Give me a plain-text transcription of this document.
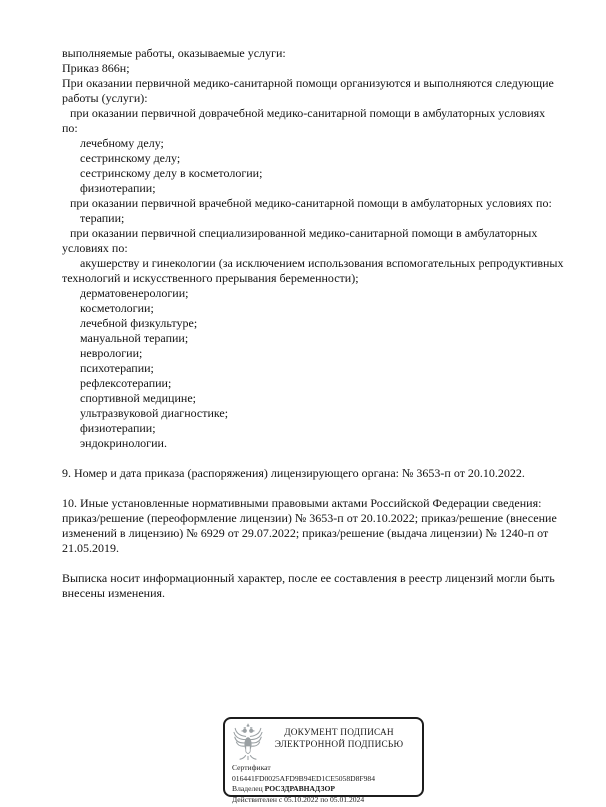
выполняемые работы, оказываемые услуги:
Приказ 866н;
При оказании первичной медико-санитарной помощи организуются и выполняются следующие
работы (услуги):
при оказании первичной доврачебной медико-санитарной помощи в амбулаторных условиях
по:
лечебному делу;
сестринскому делу;
сестринскому делу в косметологии;
физиотерапии;
при оказании первичной врачебной медико-санитарной помощи в амбулаторных условиях по:
терапии;
при оказании первичной специализированной медико-санитарной помощи в амбулаторных
условиях по:
акушерству и гинекологии (за исключением использования вспомогательных репродуктивных
технологий и искусственного прерывания беременности);
дерматовенерологии;
косметологии;
лечебной физкультуре;
мануальной терапии;
неврологии;
психотерапии;
рефлексотерапии;
спортивной медицине;
ультразвуковой диагностике;
физиотерапии;
эндокринологии.
9. Номер и дата приказа (распоряжения) лицензирующего органа: № 3653-п от 20.10.2022.
10. Иные установленные нормативными правовыми актами Российской Федерации сведения:
приказ/решение (переоформление лицензии) № 3653-п от 20.10.2022; приказ/решение (внесение
изменений в лицензию) № 6929 от 29.07.2022; приказ/решение (выдача лицензии) № 1240-п от
21.05.2019.
Выписка носит информационный характер, после ее составления в реестр лицензий могли быть
внесены изменения.
ДОКУМЕНТ ПОДПИСАН
ЭЛЕКТРОННОЙ ПОДПИСЬЮ
Сертификат 016441FD0025AFD9B94ED1CE5058D8F984
Владелец РОСЗДРАВНАДЗОР
Действителен с 05.10.2022 по 05.01.2024
